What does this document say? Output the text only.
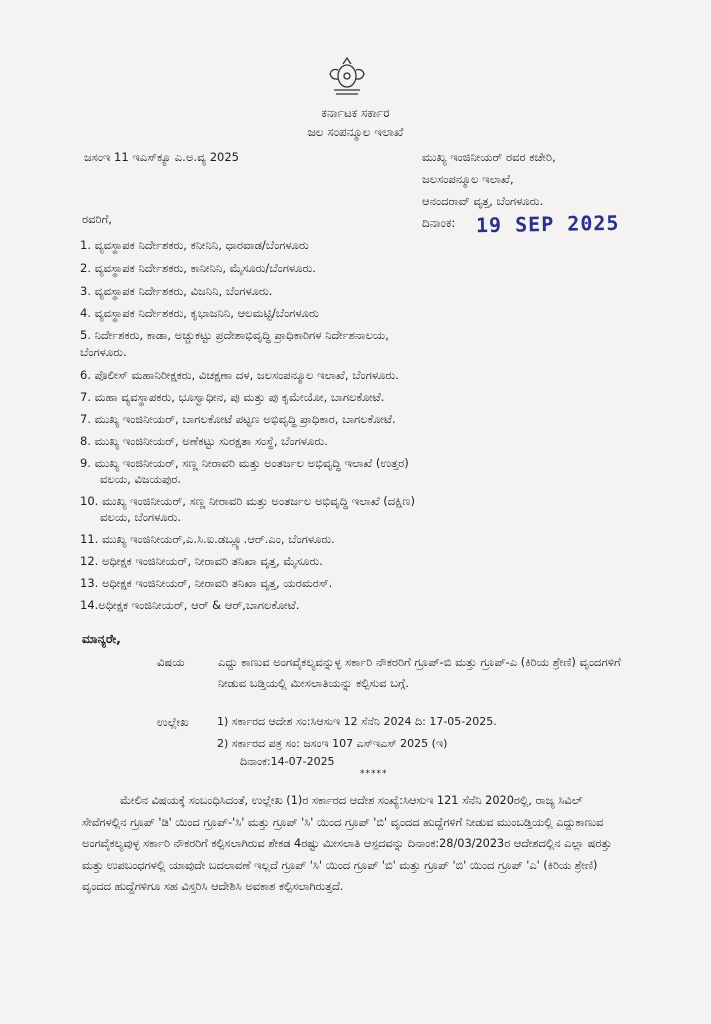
ಕರ್ನಾಟಕ ಸರ್ಕಾರ
ಜಲ ಸಂಪನ್ಮೂಲ ಇಲಾಖೆ
ಜಸಂಇ 11 ಇಎಸ್‌ಕ್ಯೂ ಎ.ಅ.ವ್ಯ 2025	ಮುಖ್ಯ ಇಂಜಿನೀಯರ್ ರವರ ಕಚೇರಿ,
ಜಲಸಂಪನ್ಮೂಲ ಇಲಾಖೆ,
ಆನಂದರಾವ್ ವೃತ್ತ, ಬೆಂಗಳೂರು.
ದಿನಾಂಕ: 19 SEP 2025
ರವರಿಗೆ,
1. ವ್ಯವಸ್ಥಾಪಕ ನಿರ್ದೇಶಕರು, ಕನೀನಿನಿ, ಧಾರವಾಡ/ಬೆಂಗಳೂರು
2. ವ್ಯವಸ್ಥಾಪಕ ನಿರ್ದೇಶಕರು, ಕಾನೀನಿನಿ, ಮೈಸೂರು/ಬೆಂಗಳೂರು.
3. ವ್ಯವಸ್ಥಾಪಕ ನಿರ್ದೇಶಕರು, ವಿಜನಿನಿ, ಬೆಂಗಳೂರು.
4. ವ್ಯವಸ್ಥಾಪಕ ನಿರ್ದೇಶಕರು, ಕೃಭಾಜನಿನಿ, ಆಲಮಟ್ಟಿ/ಬೆಂಗಳೂರು
5. ನಿರ್ದೇಶಕರು, ಕಾಡಾ, ಅಚ್ಚುಕಟ್ಟು ಪ್ರದೇಶಾಭಿವೃದ್ಧಿ ಪ್ರಾಧಿಕಾರಿಗಳ ನಿರ್ದೇಶನಾಲಯ,
ಬೆಂಗಳೂರು.
6. ಪೊಲೀಸ್ ಮಹಾನಿರೀಕ್ಷಕರು, ವಿಚಕ್ಷಣಾ ದಳ, ಜಲಸಂಪನ್ಮೂಲ ಇಲಾಖೆ, ಬೆಂಗಳೂರು.
7. ಮಹಾ ವ್ಯವಸ್ಥಾಪಕರು, ಭೂಸ್ವಾಧೀನ, ಪು ಮತ್ತು ಪು ಕೃಮೇಯೋ, ಬಾಗಲಕೋಟೆ.
7. ಮುಖ್ಯ ಇಂಜಿನೀಯರ್, ಬಾಗಲಕೋಟೆ ಪಟ್ಟಣ ಅಭಿವೃದ್ಧಿ ಪ್ರಾಧಿಕಾರ, ಬಾಗಲಕೋಟೆ.
8. ಮುಖ್ಯ ಇಂಜಿನೀಯರ್, ಅಣೆಕಟ್ಟು ಸುರಕ್ಷತಾ ಸಂಸ್ಥೆ, ಬೆಂಗಳೂರು.
9. ಮುಖ್ಯ ಇಂಜಿನೀಯರ್, ಸಣ್ಣ ನೀರಾವರಿ ಮತ್ತು ಅಂತರ್ಜಲ ಅಭಿವೃದ್ಧಿ ಇಲಾಖೆ (ಉತ್ತರ)
ವಲಯ, ವಿಜಯಪುರ.
10. ಮುಖ್ಯ ಇಂಜಿನೀಯರ್, ಸಣ್ಣ ನೀರಾವರಿ ಮತ್ತು ಅಂತರ್ಜಲ ಅಭಿವೃದ್ಧಿ ಇಲಾಖೆ (ದಕ್ಷಿಣ)
ವಲಯ, ಬೆಂಗಳೂರು.
11. ಮುಖ್ಯ ಇಂಜಿನೀಯರ್,ಎ.ಸಿ.ಐ.ಡಬ್ಲ್ಯೂ.ಆರ್.ಎಂ, ಬೆಂಗಳೂರು.
12. ಅಧೀಕ್ಷಕ ಇಂಜಿನೀಯರ್, ನೀರಾವರಿ ತನಿಖಾ ವೃತ್ತ, ಮೈಸೂರು.
13. ಅಧೀಕ್ಷಕ ಇಂಜಿನೀಯರ್, ನೀರಾವರಿ ತನಿಖಾ ವೃತ್ತ, ಯರಮರಸ್.
14.ಅಧೀಕ್ಷಕ ಇಂಜಿನೀಯರ್, ಆರ್ & ಆರ್,ಬಾಗಲಕೋಟೆ.
ಮಾನ್ಯರೇ,
ವಿಷಯ	ಎದ್ದು ಕಾಣುವ ಅಂಗವೈಕಲ್ಯವನ್ನುಳ್ಳ ಸರ್ಕಾರಿ ನೌಕರರಿಗೆ ಗ್ರೂಪ್-ಬಿ ಮತ್ತು ಗ್ರೂಪ್-ಎ (ಕಿರಿಯ ಶ್ರೇಣಿ) ವೃಂದಗಳಿಗೆ ನೀಡುವ ಬಡ್ತಿಯಲ್ಲಿ ಮೀಸಲಾತಿಯನ್ನು ಕಲ್ಪಿಸುವ ಬಗ್ಗೆ.
ಉಲ್ಲೇಖ	1) ಸರ್ಕಾರದ ಆದೇಶ ಸಂ:ಸಿಆಸುಇ 12 ಸೆನೆನಿ 2024 ದಿ: 17-05-2025.
2) ಸರ್ಕಾರದ ಪತ್ರ ಸಂ: ಜಸಂಇ 107 ಎಸ್‌ಇಎಸ್ 2025 (ಇ)
ದಿನಾಂಕ:14-07-2025
*****
ಮೇಲಿನ ವಿಷಯಕ್ಕೆ ಸಂಬಂಧಿಸಿದಂತೆ, ಉಲ್ಲೇಖ (1)ರ ಸರ್ಕಾರದ ಆದೇಶ ಸಂಖ್ಯೆ:ಸಿಆಸುಇ 121 ಸೆನೆನಿ 2020ರಲ್ಲಿ, ರಾಜ್ಯ ಸಿವಿಲ್ ಸೇವೆಗಳಲ್ಲಿನ ಗ್ರೂಪ್ 'ಡಿ' ಯಿಂದ ಗ್ರೂಪ್-'ಸಿ' ಮತ್ತು ಗ್ರೂಪ್ 'ಸಿ' ಯಿಂದ ಗ್ರೂಪ್ 'ಬಿ' ವೃಂದದ ಹುದ್ದೆಗಳಿಗೆ ನೀಡುವ ಮುಂಬಡ್ತಿಯಲ್ಲಿ ಎದ್ದುಕಾಣುವ ಅಂಗವೈಕಲ್ಯವುಳ್ಳ ಸರ್ಕಾರಿ ನೌಕರರಿಗೆ ಕಲ್ಪಿಸಲಾಗಿರುವ ಶೇಕಡ 4ರಷ್ಟು ಮೀಸಲಾತಿ ಆಸ್ಪದವನ್ನು ದಿನಾಂಕ:28/03/2023ರ ಆದೇಶದಲ್ಲಿನ ಎಲ್ಲಾ ಷರತ್ತು ಮತ್ತು ಉಪಬಂಧಗಳಲ್ಲಿ ಯಾವುದೇ ಬದಲಾವಣೆ ಇಲ್ಲದೆ ಗ್ರೂಪ್ 'ಸಿ' ಯಿಂದ ಗ್ರೂಪ್ 'ಬಿ' ಮತ್ತು ಗ್ರೂಪ್ 'ಬಿ' ಯಿಂದ ಗ್ರೂಪ್ 'ಎ' (ಕಿರಿಯ ಶ್ರೇಣಿ) ವೃಂದದ ಹುದ್ದೆಗಳಿಗೂ ಸಹ ವಿಸ್ತರಿಸಿ ಆದೇಶಿಸಿ ಅವಕಾಶ ಕಲ್ಪಿಸಲಾಗಿರುತ್ತದೆ.
